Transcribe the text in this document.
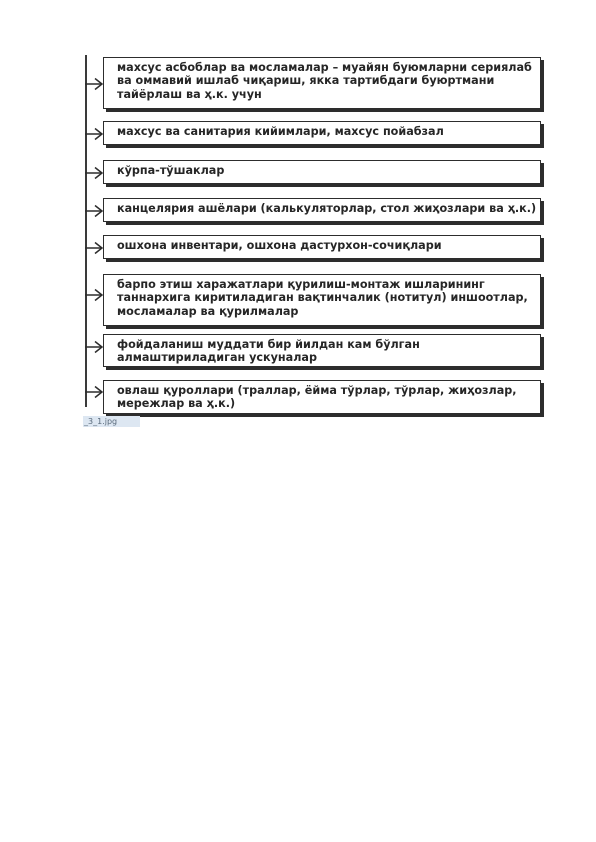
махсус асбоблар ва мосламалар – муайян буюмларни сериялаб
ва оммавий ишлаб чиқариш, якка тартибдаги буюртмани
тайёрлаш ва ҳ.к. учун
махсус ва санитария кийимлари, махсус пойабзал
кўрпа-тўшаклар
канцелярия ашёлари (калькуляторлар, стол жиҳозлари ва ҳ.к.)
ошхона инвентари, ошхона дастурхон-сочиқлари
барпо этиш харажатлари қурилиш-монтаж ишларининг
таннархига киритиладиган вақтинчалик (нотитул) иншоотлар,
мосламалар ва қурилмалар
фойдаланиш муддати бир йилдан кам бўлган
алмаштириладиган ускуналар
овлаш қуроллари (траллар, ёйма тўрлар, тўрлар, жиҳозлар,
мережлар ва ҳ.к.)
_3_1.jpg
